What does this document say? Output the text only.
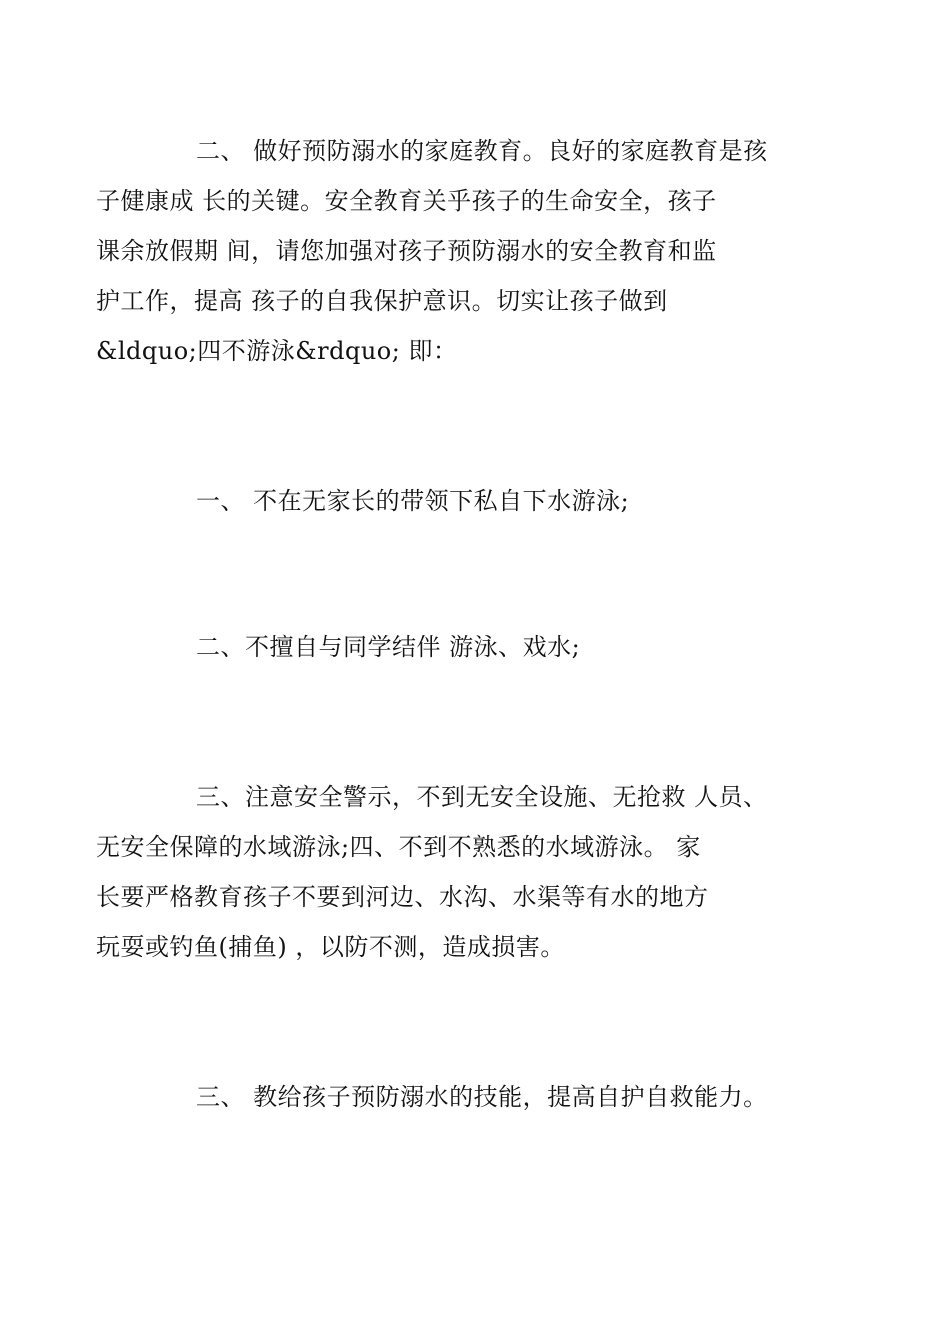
二、 做好预防溺水的家庭教育。良好的家庭教育是孩
子健康成 长的关键。安全教育关乎孩子的生命安全，孩子
课余放假期 间，请您加强对孩子预防溺水的安全教育和监
护工作，提高 孩子的自我保护意识。切实让孩子做到
&ldquo;四不游泳&rdquo; 即：

一、 不在无家长的带领下私自下水游泳;

二、不擅自与同学结伴 游泳、戏水;

三、注意安全警示，不到无安全设施、无抢救 人员、
无安全保障的水域游泳;四、不到不熟悉的水域游泳。 家
长要严格教育孩子不要到河边、水沟、水渠等有水的地方
玩耍或钓鱼(捕鱼) ，以防不测，造成损害。

三、 教给孩子预防溺水的技能，提高自护自救能力。
